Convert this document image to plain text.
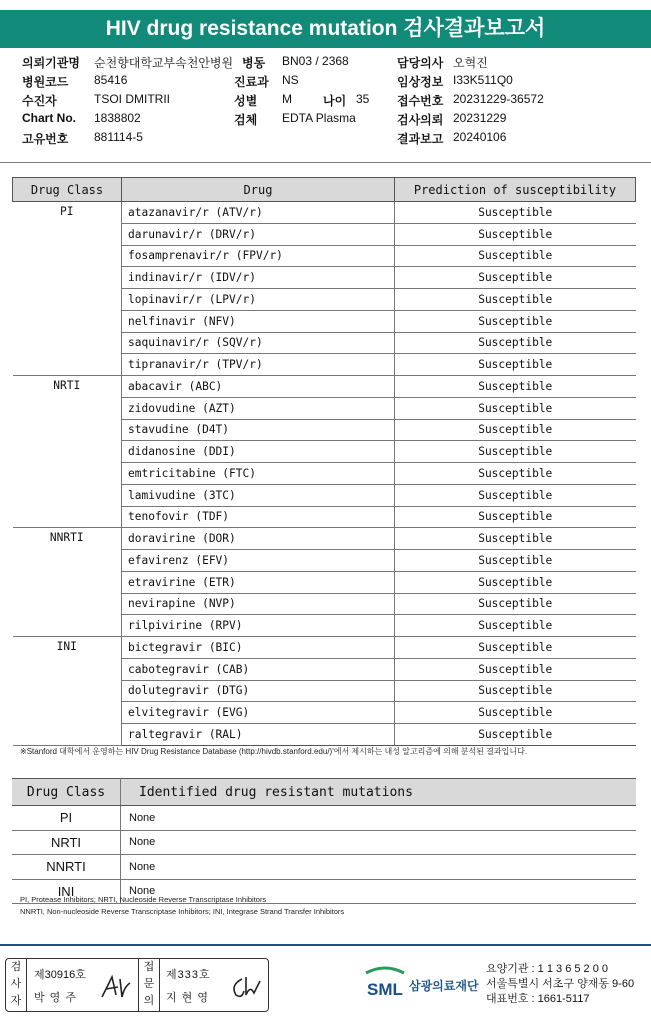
HIV drug resistance mutation 검사결과보고서
의뢰기관명 순천향대학교부속천안병원 병동 BN03 / 2368	담당의사 오혁진
병원코드 85416	진료과 NS	임상정보 I33K511Q0
수진자	TSOI DMITRII	성별 M	나이 35 접수번호 20231229-36572
Chart No. 1838802	검체 EDTA Plasma	검사의뢰 20231229
고유번호 881114-5	결과보고 20240106
Drug Class	Drug	Prediction of susceptibility
PI	atazanavir/r (ATV/r)	Susceptible
	darunavir/r (DRV/r)	Susceptible
	fosamprenavir/r (FPV/r)	Susceptible
	indinavir/r (IDV/r)	Susceptible
	lopinavir/r (LPV/r)	Susceptible
	nelfinavir (NFV)	Susceptible
	saquinavir/r (SQV/r)	Susceptible
	tipranavir/r (TPV/r)	Susceptible
NRTI	abacavir (ABC)	Susceptible
	zidovudine (AZT)	Susceptible
	stavudine (D4T)	Susceptible
	didanosine (DDI)	Susceptible
	emtricitabine (FTC)	Susceptible
	lamivudine (3TC)	Susceptible
	tenofovir (TDF)	Susceptible
NNRTI	doravirine (DOR)	Susceptible
	efavirenz (EFV)	Susceptible
	etravirine (ETR)	Susceptible
	nevirapine (NVP)	Susceptible
	rilpivirine (RPV)	Susceptible
INI	bictegravir (BIC)	Susceptible
	cabotegravir (CAB)	Susceptible
	dolutegravir (DTG)	Susceptible
	elvitegravir (EVG)	Susceptible
	raltegravir (RAL)	Susceptible
※Stanford 대학에서 운영하는 HIV Drug Resistance Database (http://hivdb.stanford.edu/)'에서 제시하는 내성 알고리즘에 의해 분석된 결과입니다.
Drug Class	Identified drug resistant mutations
PI	None
NRTI	None
NNRTI	None
INI	None
PI, Protease Inhibitors; NRTI, Nucleoside Reverse Transcriptase Inhibitors
NNRTI, Non-nucleoside Reverse Transcriptase Inhibitors; INI, Integrase Strand Transfer Inhibitors
검
사
자
제30916호
박 영 주
접
문
의
제333호
지 현 영	SML 삼광의료재단
요양기관 : 1 1 3 6 5 2 0 0
서울특별시 서초구 양재동 9-60
대표번호 : 1661-5117
